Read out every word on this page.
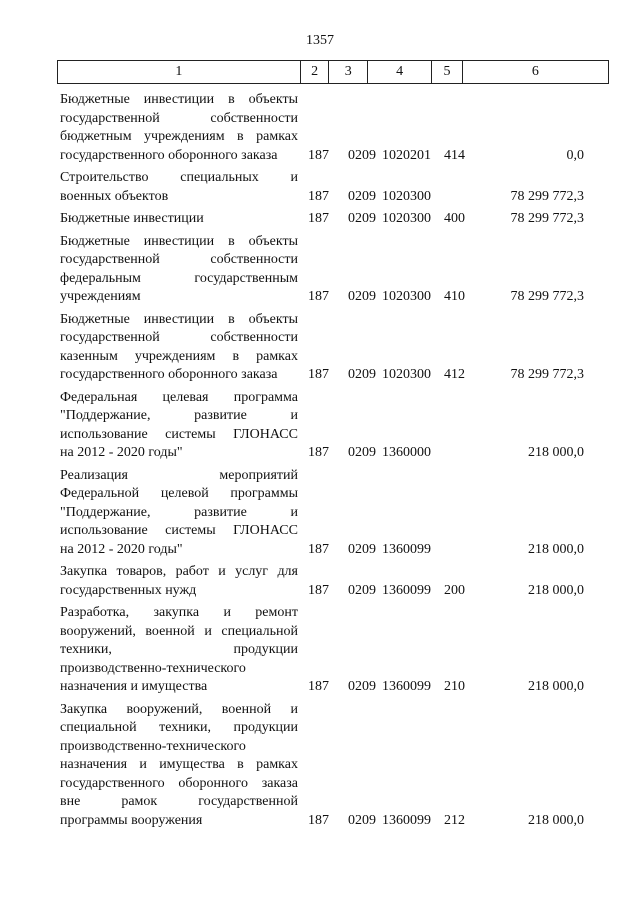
1357
1	2	3	4	5	6
Бюджетные инвестиции в объекты
государственной собственности
бюджетным учреждениям в рамках
государственного оборонного заказа	187 0209 1020201 414	0,0
Строительство специальных и
военных объектов	187 0209 1020300	78 299 772,3
Бюджетные инвестиции	187 0209 1020300 400	78 299 772,3
Бюджетные инвестиции в объекты
государственной собственности
федеральным государственным
учреждениям	187 0209 1020300 410	78 299 772,3
Бюджетные инвестиции в объекты
государственной собственности
казенным учреждениям в рамках
государственного оборонного заказа	187 0209 1020300 412	78 299 772,3
Федеральная целевая программа
"Поддержание, развитие и
использование системы ГЛОНАСС
на 2012 - 2020 годы"	187 0209 1360000	218 000,0
Реализация мероприятий
Федеральной целевой программы
"Поддержание, развитие и
использование системы ГЛОНАСС
на 2012 - 2020 годы"	187 0209 1360099	218 000,0
Закупка товаров, работ и услуг для
государственных нужд	187 0209 1360099 200	218 000,0
Разработка, закупка и ремонт
вооружений, военной и специальной
техники, продукции
производственно-технического
назначения и имущества	187 0209 1360099 210	218 000,0
Закупка вооружений, военной и
специальной техники, продукции
производственно-технического
назначения и имущества в рамках
государственного оборонного заказа
вне рамок государственной
программы вооружения	187 0209 1360099 212	218 000,0
